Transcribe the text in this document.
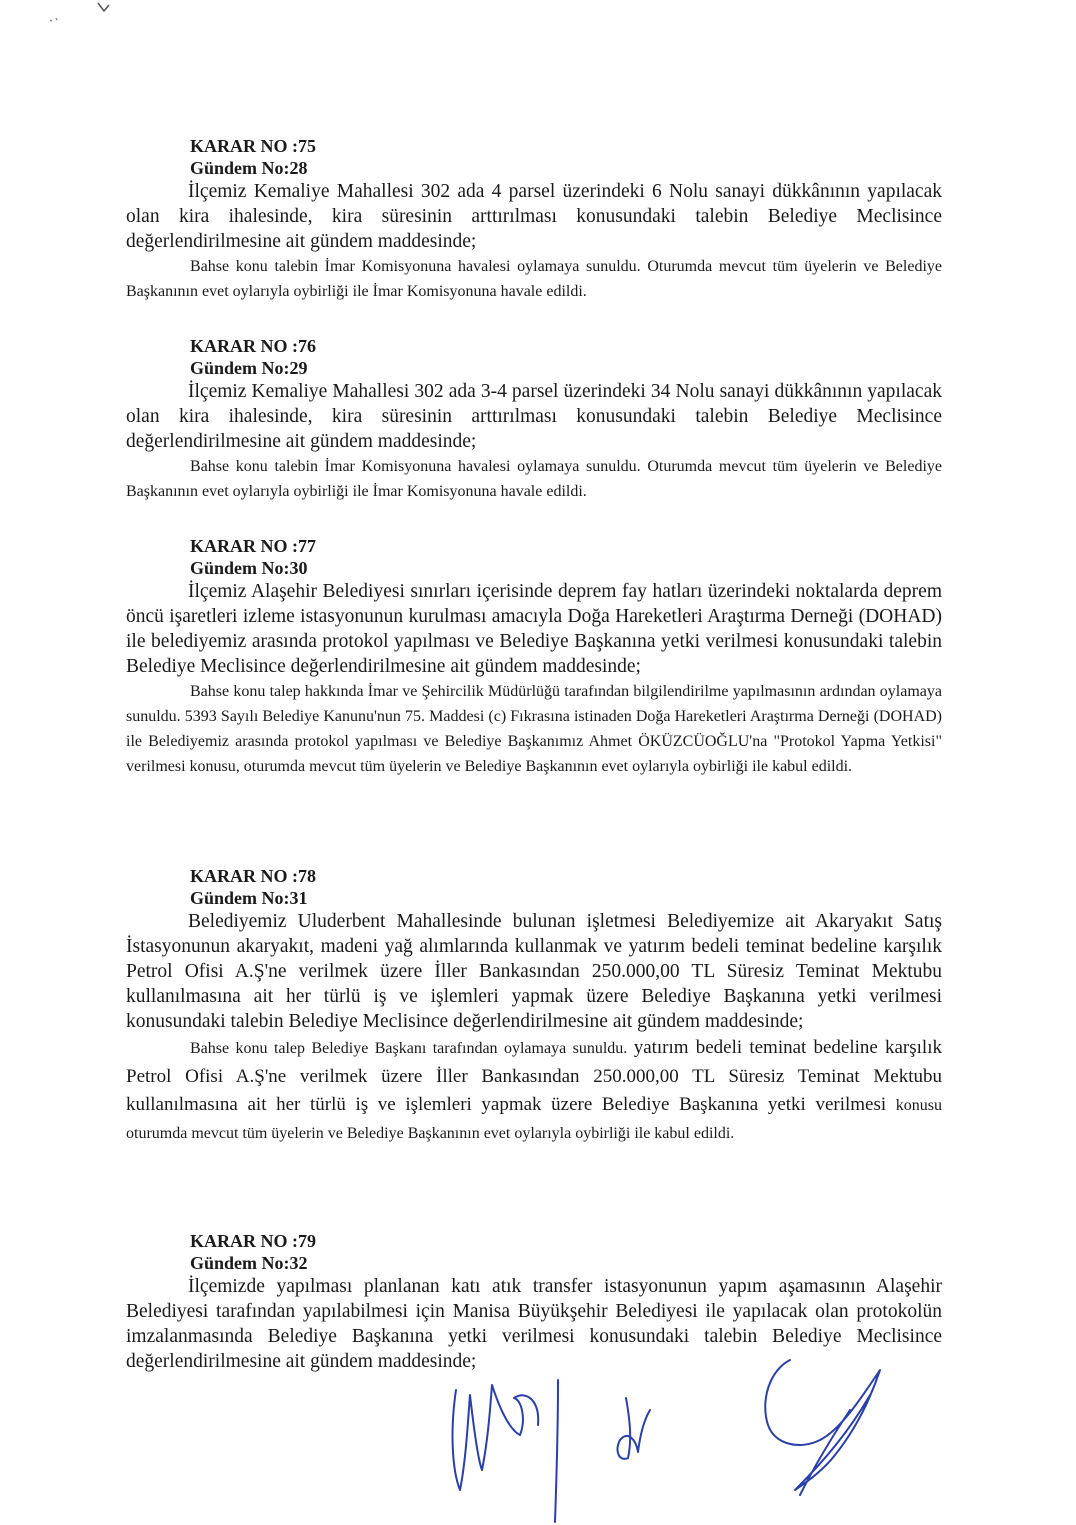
KARAR NO :75
Gündem No:28

İlçemiz Kemaliye Mahallesi 302 ada 4 parsel üzerindeki 6 Nolu sanayi dükkânının yapılacak olan kira ihalesinde, kira süresinin arttırılması konusundaki talebin Belediye Meclisince değerlendirilmesine ait gündem maddesinde;

Bahse konu talebin İmar Komisyonuna havalesi oylamaya sunuldu. Oturumda mevcut tüm üyelerin ve Belediye Başkanının evet oylarıyla oybirliği ile İmar Komisyonuna havale edildi.

KARAR NO :76
Gündem No:29

İlçemiz Kemaliye Mahallesi 302 ada 3-4 parsel üzerindeki 34 Nolu sanayi dükkânının yapılacak olan kira ihalesinde, kira süresinin arttırılması konusundaki talebin Belediye Meclisince değerlendirilmesine ait gündem maddesinde;

Bahse konu talebin İmar Komisyonuna havalesi oylamaya sunuldu. Oturumda mevcut tüm üyelerin ve Belediye Başkanının evet oylarıyla oybirliği ile İmar Komisyonuna havale edildi.

KARAR NO :77
Gündem No:30

İlçemiz Alaşehir Belediyesi sınırları içerisinde deprem fay hatları üzerindeki noktalarda deprem öncü işaretleri izleme istasyonunun kurulması amacıyla Doğa Hareketleri Araştırma Derneği (DOHAD) ile belediyemiz arasında protokol yapılması ve Belediye Başkanına yetki verilmesi konusundaki talebin Belediye Meclisince değerlendirilmesine ait gündem maddesinde;

Bahse konu talep hakkında İmar ve Şehircilik Müdürlüğü tarafından bilgilendirilme yapılmasının ardından oylamaya sunuldu. 5393 Sayılı Belediye Kanunu'nun 75. Maddesi (c) Fıkrasına istinaden Doğa Hareketleri Araştırma Derneği (DOHAD) ile Belediyemiz arasında protokol yapılması ve Belediye Başkanımız Ahmet ÖKÜZCÜOĞLU'na "Protokol Yapma Yetkisi" verilmesi konusu, oturumda mevcut tüm üyelerin ve Belediye Başkanının evet oylarıyla oybirliği ile kabul edildi.

KARAR NO :78
Gündem No:31

Belediyemiz Uluderbent Mahallesinde bulunan işletmesi Belediyemize ait Akaryakıt Satış İstasyonunun akaryakıt, madeni yağ alımlarında kullanmak ve yatırım bedeli teminat bedeline karşılık Petrol Ofisi A.Ş'ne verilmek üzere İller Bankasından 250.000,00 TL Süresiz Teminat Mektubu kullanılmasına ait her türlü iş ve işlemleri yapmak üzere Belediye Başkanına yetki verilmesi konusundaki talebin Belediye Meclisince değerlendirilmesine ait gündem maddesinde;

Bahse konu talep Belediye Başkanı tarafından oylamaya sunuldu. yatırım bedeli teminat bedeline karşılık Petrol Ofisi A.Ş'ne verilmek üzere İller Bankasından 250.000,00 TL Süresiz Teminat Mektubu kullanılmasına ait her türlü iş ve işlemleri yapmak üzere Belediye Başkanına yetki verilmesi konusu oturumda mevcut tüm üyelerin ve Belediye Başkanının evet oylarıyla oybirliği ile kabul edildi.

KARAR NO :79
Gündem No:32

İlçemizde yapılması planlanan katı atık transfer istasyonunun yapım aşamasının Alaşehir Belediyesi tarafından yapılabilmesi için Manisa Büyükşehir Belediyesi ile yapılacak olan protokolün imzalanmasında Belediye Başkanına yetki verilmesi konusundaki talebin Belediye Meclisince değerlendirilmesine ait gündem maddesinde;
